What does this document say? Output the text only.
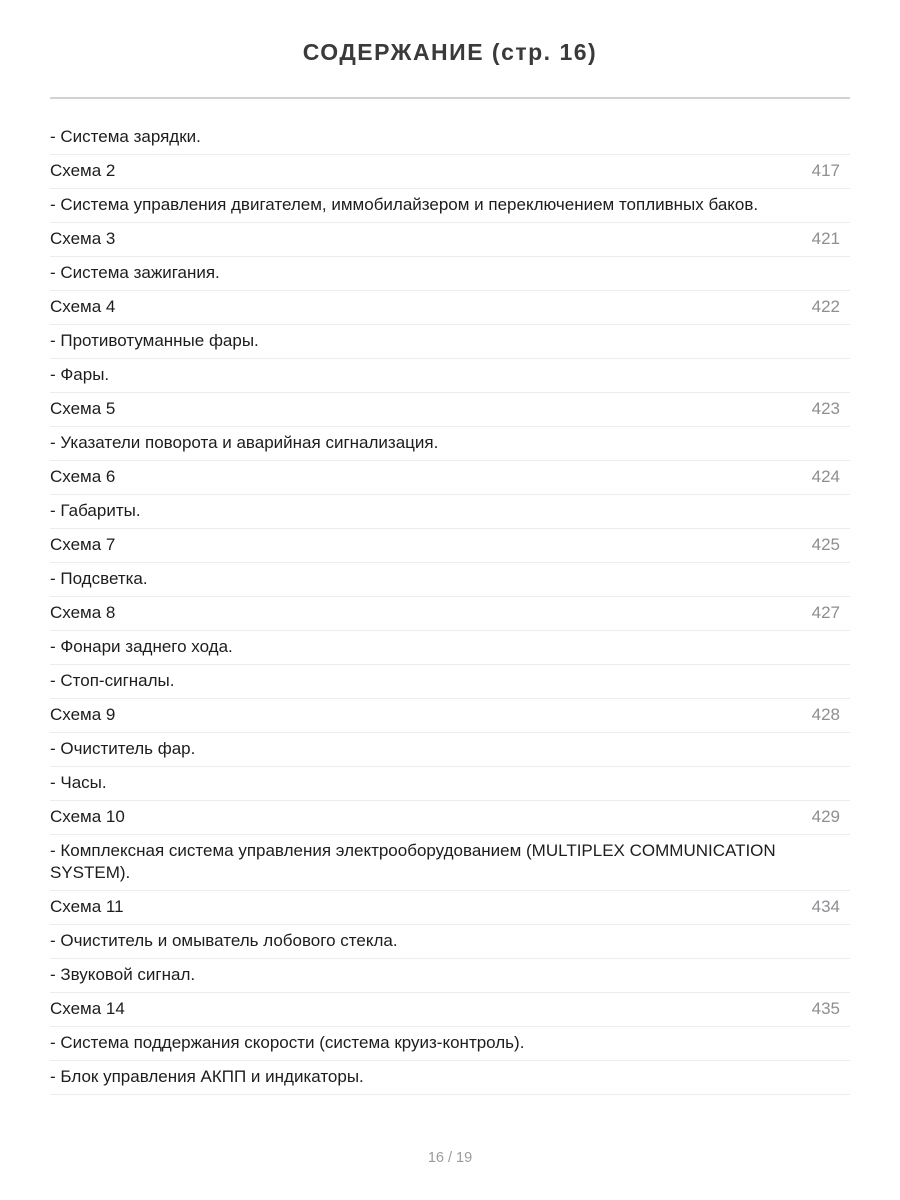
СОДЕРЖАНИЕ (стр. 16)
- Система зарядки.
Схема 2	417
- Система управления двигателем, иммобилайзером и переключением топливных баков.
Схема 3	421
- Система зажигания.
Схема 4	422
- Противотуманные фары.
- Фары.
Схема 5	423
- Указатели поворота и аварийная сигнализация.
Схема 6	424
- Габариты.
Схема 7	425
- Подсветка.
Схема 8	427
- Фонари заднего хода.
- Стоп-сигналы.
Схема 9	428
- Очиститель фар.
- Часы.
Схема 10	429
- Комплексная система управления электрооборудованием (MULTIPLEX COMMUNICATION SYSTEM).
Схема 11	434
- Очиститель и омыватель лобового стекла.
- Звуковой сигнал.
Схема 14	435
- Система поддержания скорости (система круиз-контроль).
- Блок управления АКПП и индикаторы.
16 / 19
